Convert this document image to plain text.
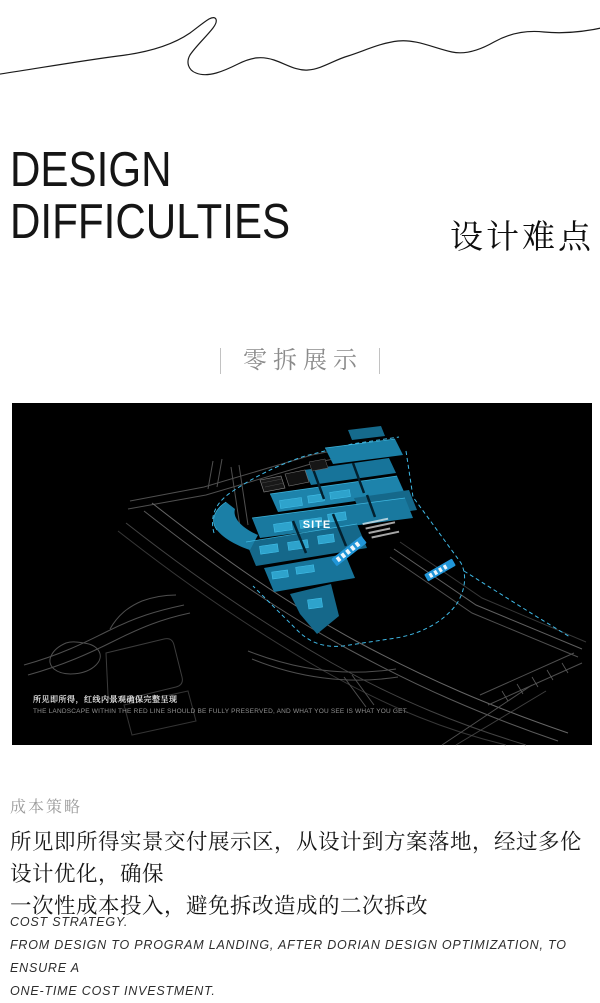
DESIGN
DIFFICULTIES	设计难点
零拆展示
SITE
所见即所得，红线内景观确保完整呈现
THE LANDSCAPE WITHIN THE RED LINE SHOULD BE FULLY PRESERVED, AND WHAT YOU SEE IS WHAT YOU GET.
成本策略
所见即所得实景交付展示区，从设计到方案落地，经过多伦设计优化，确保
一次性成本投入，避免拆改造成的二次拆改
COST STRATEGY.
FROM DESIGN TO PROGRAM LANDING, AFTER DORIAN DESIGN OPTIMIZATION, TO ENSURE A
ONE-TIME COST INVESTMENT.
